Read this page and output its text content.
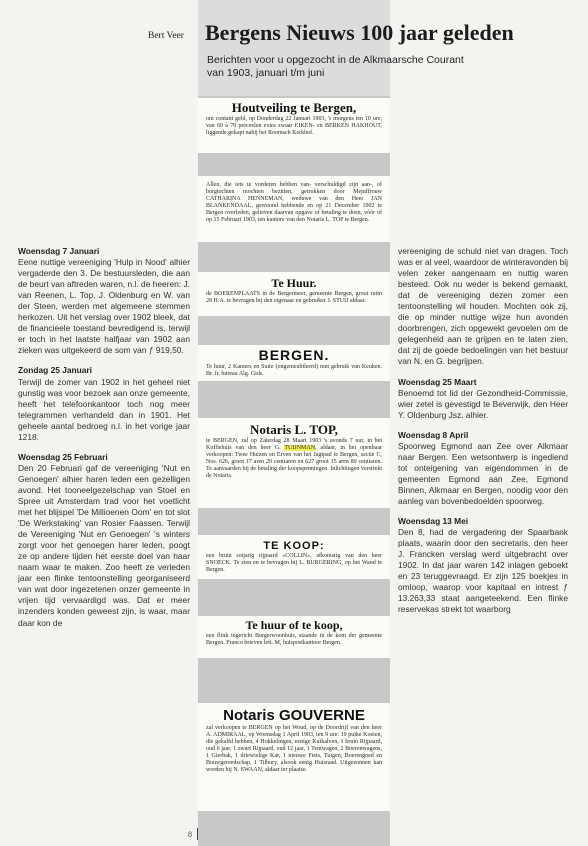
Bert Veer Bergens Nieuws 100 jaar geleden
Berichten voor u opgezocht in de Alkmaarsche Courant
van 1903, januari t/m juni
Houtveiling te Bergen,
om contant geld, op Donderdag 22 Januari 1903, 's morgens ten 10 ure, van 60 à 70 perceelen extra zwaar EIKEN- en BERKEN HAKHOUT, liggende gekapt nabij het Roomsch Kerkhof.
Allen, die iets te vorderen hebben van- verschuldigd zijn aan-, of borgtochten mochten bezitten, getrokken door Mejuffrouw CATHARINA HENNEMAN, weduwe van den Heer JAN BLANKENDAAL, gewoond hebbende en op 21 December 1902 te Bergen overleden, gelieven daarvan opgave of betaling te doen, vóór of op 15 Februari 1903, ten kantore van den Notaris L. TOP te Bergen.
Te Huur.
de BOERENPLAATS in de Bergermeer, gemeente Bergen, groot ruim 28 H.A. te bevragen bij den eigenaar en gebruiker J. STUIJ aldaar.
BERGEN.
Te huur, 2 Kamers en Suite (ongemeubileerd) met gebruik van Keuken. Br. fr. bureau Alg. Gids.
Notaris L. TOP,
te BERGEN, zal op Zaterdag 28 Maart 1903 's avonds 7 uur, in het Koffiehuis van den heer G. TUIJNMAN, aldaar, in het openbaar verkoopen: Twee Huizen en Erven van het Jagtpad te Bergen, sectie C, Nos. 626, groot 17 aren 20 centiaren en 627 groot 15 aren 80 centiaren. Te aanvaarden bij de betaling der koopspenningen. Inlichtingen verstrekt de Notaris.
TE KOOP:
een bruin soijarig rijpaard «COLLIN», afkomstig van den heer SNOECK. Te zien en te bevragen bij L. BURGERING, op het Wand te Bergen.
Te huur of te koop,
een flink ingericht Burgerwoonhuis, staande in de kom der gemeente Bergen. Franco brieven lett. M, huispostkantoor Bergen.
Notaris GOUVERNE
zal verkoopen te BERGEN op het Woud, op de Doordrijf van den heer A. ADMIRAAL, op Woensdag 1 April 1903, ten 9 ure: 19 puike Koeien, die gekalfd hebben, 4 Hokkelingen, eenige Kuikalven, 1 bruin Rijpaard, oud 6 jaar, 1 zwart Rijpaard, oud 12 jaar, 1 Tentwagen, 2 Boerenwagens, 1 Gierbak, 1 driewielige Kar, 1 nieuwe Fiets, Tuigen, Boerengoed en Bouwgereedschap, 1 Tilbury, alsook eenig Huisraad. Uitgezonnen kan worden bij N. SWAAN, aldaar ter plaatse.

Woensdag 7 Januari
Eene nuttige vereeniging 'Hulp in Nood' alhier vergaderde den 3. De bestuursleden, die aan de beurt van aftreden waren, n.l. de heeren: J. van Reenen, L. Top, J. Oldenburg en W. van der Steen, werden met algemeene stemmen herkozen. Uit het verslag over 1902 bleek, dat de financieele toestand bevredigend is, terwijl er toch in het laatste halfjaar van 1902 aan zieken was uitgekeerd de som van ƒ 919,50.

Zondag 25 Januari
Terwijl de zomer van 1902 in het geheel niet gunstig was voor bezoek aan onze gemeente, heeft het telefoonkantoor toch nog meer telegrammen verhandeld dan in 1901. Het geheele aantal bedroeg n.l. in het vorige jaar 1218.

Woensdag 25 Februari
Den 20 Februari gaf de vereeniging 'Nut en Genoegen' alhier haren leden een gezelligen avond. Het tooneelgezelschap van Stoel en Spree uit Amsterdam trad voor het voetlicht met het blijspel 'De Millioenen Oom' en tot slot 'De Werkstaking' van Rosier Faassen. Terwijl de Vereeniging 'Nut en Genoegen' 's winters zorgt voor het genoegen harer leden, poogt ze op andere tijden het eerste doel van haar naam waar te maken. Zoo heeft ze verleden jaar een flinke tentoonstelling georganiseerd van wat door ingezetenen onzer gemeente in vrijen tijd vervaardigd was. Dat er meer inzenders konden geweest zijn, is waar, maar daar kon de

vereeniging de schuld niet van dragen. Toch was er al veel, waardoor de winteravonden bij velen zeker aangenaam en nuttig waren besteed. Ook nu weder is bekend gemaakt, dat de vereeniging dezen zomer een tentoonstelling wil houden. Mochten ook zij, die op minder nuttige wijze hun avonden doorbrengen, zich opgewekt gevoelen om de gelegenheid aan te grijpen en te laten zien, dat zij de goede bedoelingen van het bestuur van N. en G. begrijpen.

Woensdag 25 Maart
Benoemd tot lid der Gezondheid-Commissie, wier zetel is gevestigd te Beverwijk, den Heer Y. Oldenburg Jsz. alhier.

Woensdag 8 April
Spoorweg Egmond aan Zee over Alkmaar naar Bergen. Een wetsontwerp is ingediend tot onteigening van eigendommen in de gemeenten Egmond aan Zee, Egmond Binnen, Alkmaar en Bergen, noodig voor den aanleg van bovenbedoelden spoorweg.

Woensdag 13 Mei
Den 8, had de vergadering der Spaarbank plaats, waarin door den secretaris, den heer J. Francken verslag werd uitgebracht over 1902. In dat jaar waren 142 inlagen geboekt en 23 teruggevraagd. Er zijn 125 boekjes in omloop, waarop voor kapitaal en intrest ƒ 13.263,33 staat aangeteekend. Een flinke reservekas strekt tot waarborg

8
